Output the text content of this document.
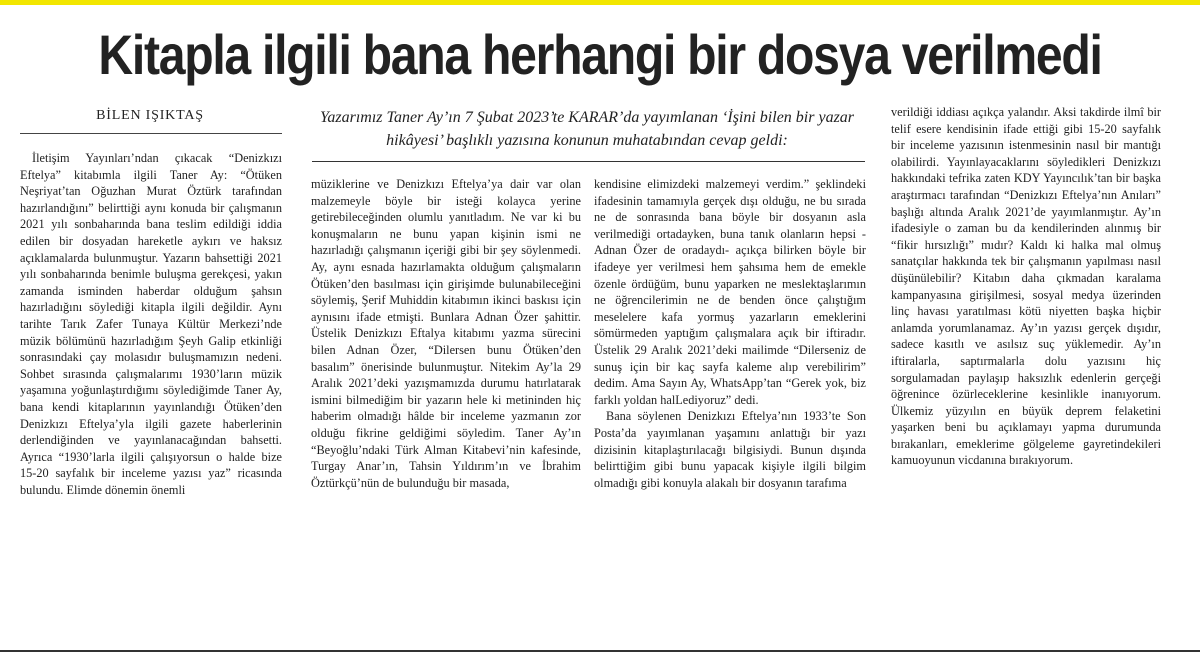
Kitapla ilgili bana herhangi bir dosya verilmedi
BİLEN IŞIKTAŞ	Yazarımız Taner Ay’ın 7 Şubat 2023’te KARAR’da yayımlanan ‘İşini bilen bir yazar hikâyesi’ başlıklı yazısına konunun muhatabından cevap geldi:

İletişim Yayınları’ndan çıkacak “Denizkızı Eftelya” kitabımla ilgili Taner Ay: “Ötüken Neşriyat’tan Oğuzhan Murat Öztürk tarafından hazırlandığını” belirttiği aynı konuda bir çalışmanın 2021 yılı sonbaharında bana teslim edildiği iddia edilen bir dosyadan hareketle aykırı ve haksız açıklamalarda bulunmuştur. Yazarın bahsettiği 2021 yılı sonbaharında benimle buluşma gerekçesi, yakın zamanda isminden haberdar olduğum şahsın hazırladığını söylediği kitapla ilgili değildir. Aynı tarihte Tarık Zafer Tunaya Kültür Merkezi’nde müzik bölümünü hazırladığım Şeyh Galip etkinliği sonrasındaki çay molasıdır buluşmamızın nedeni. Sohbet sırasında çalışmalarımı 1930’ların müzik yaşamına yoğunlaştırdığımı söylediğimde Taner Ay, bana kendi kitaplarının yayınlandığı Ötüken’den Denizkızı Eftelya’yla ilgili gazete haberlerinin derlendiğinden ve yayınlanacağından bahsetti. Ayrıca “1930’larla ilgili çalışıyorsun o halde bize 15-20 sayfalık bir inceleme yazısı yaz” ricasında bulundu. Elimde dönemin önemli

müziklerine ve Denizkızı Eftelya’ya dair var olan malzemeyle böyle bir isteği kolayca yerine getirebileceğinden olumlu yanıtladım. Ne var ki bu konuşmaların ne bunu yapan kişinin ismi ne hazırladığı çalışmanın içeriği gibi bir şey söylenmedi. Ay, aynı esnada hazırlamakta olduğum çalışmaların Ötüken’den basılması için girişimde bulunabileceğini söylemiş, Şerif Muhiddin kitabımın ikinci baskısı için aynısını ifade etmişti. Bunlara Adnan Özer şahittir. Üstelik Denizkızı Eftalya kitabımı yazma sürecini bilen Adnan Özer, “Dilersen bunu Ötüken’den basalım” önerisinde bulunmuştur. Nitekim Ay’la 29 Aralık 2021’deki yazışmamızda durumu hatırlatarak ismini bilmediğim bir yazarın hele ki metininden hiç haberim olmadığı hâlde bir inceleme yazmanın zor olduğu fikrine geldiğimi söyledim. Taner Ay’ın “Beyoğlu’ndaki Türk Alman Kitabevi’nin kafesinde, Turgay Anar’ın, Tahsin Yıldırım’ın ve İbrahim Öztürkçü’nün de bulunduğu bir masada,

kendisine elimizdeki malzemeyi verdim.” şeklindeki ifadesinin tamamıyla gerçek dışı olduğu, ne bu sırada ne de sonrasında bana böyle bir dosyanın asla verilmediği ortadayken, buna tanık olanların hepsi -Adnan Özer de oradaydı- açıkça bilirken böyle bir ifadeye yer verilmesi hem şahsıma hem de emekle özenle ördüğüm, bunu yaparken ne meslektaşlarımın ne öğrencilerimin ne de benden önce çalıştığım meselelere kafa yormuş yazarların emeklerini sömürmeden yaptığım çalışmalara açık bir iftiradır. Üstelik 29 Aralık 2021’deki mailimde “Dilerseniz de sunuş için bir kaç sayfa kaleme alıp verebilirim” dedim. Ama Sayın Ay, WhatsApp’tan “Gerek yok, biz farklı yoldan halLediyoruz” dedi.

Bana söylenen Denizkızı Eftelya’nın 1933’te Son Posta’da yayımlanan yaşamını anlattığı bir yazı dizisinin kitaplaştırılacağı bilgisiydi. Bunun dışında belirttiğim gibi bunu yapacak kişiyle ilgili bilgim olmadığı gibi konuyla alakalı bir dosyanın tarafıma

verildiği iddiası açıkça yalandır. Aksi takdirde ilmî bir telif esere kendisinin ifade ettiği gibi 15-20 sayfalık bir inceleme yazısının istenmesinin nasıl bir mantığı olabilirdi. Yayınlayacaklarını söyledikleri Denizkızı hakkındaki tefrika zaten KDY Yayıncılık’tan bir başka araştırmacı tarafından “Denizkızı Eftelya’nın Anıları” başlığı altında Aralık 2021’de yayımlanmıştır. Ay’ın ifadesiyle o zaman bu da kendilerinden alınmış bir “fikir hırsızlığı” mıdır? Kaldı ki halka mal olmuş sanatçılar hakkında tek bir çalışmanın yapılması nasıl düşünülebilir? Kitabın daha çıkmadan karalama kampanyasına girişilmesi, sosyal medya üzerinden linç havası yaratılması kötü niyetten başka hiçbir anlamda yorumlanamaz. Ay’ın yazısı gerçek dışıdır, sadece kasıtlı ve asılsız suç yüklemedir. Ay’ın iftiralarla, saptırmalarla dolu yazısını hiç sorgulamadan paylaşıp haksızlık edenlerin gerçeği öğrenince özürleceklerine kesinlikle inanıyorum. Ülkemiz yüzyılın en büyük deprem felaketini yaşarken beni bu açıklamayı yapma durumunda bırakanları, emeklerime gölgeleme gayretindekileri kamuoyunun vicdanına bırakıyorum.
